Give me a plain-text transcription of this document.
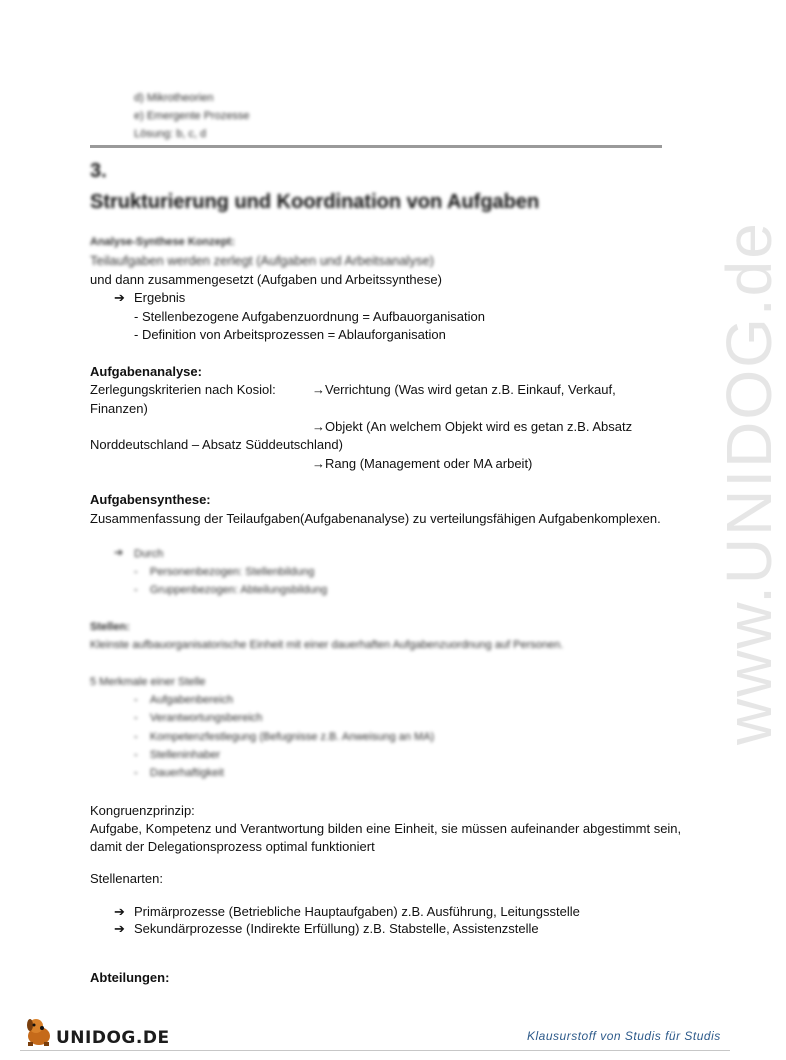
www.UNIDOG.de
d) Mikrotheorien
e) Emergente Prozesse
Lösung: b, c, d
3.
Strukturierung und Koordination von Aufgaben
Analyse-Synthese Konzept:
Teilaufgaben werden zerlegt (Aufgaben und Arbeitsanalyse)
und dann zusammengesetzt (Aufgaben und Arbeitssynthese)
➔ Ergebnis
- Stellenbezogene Aufgabenzuordnung = Aufbauorganisation
- Definition von Arbeitsprozessen = Ablauforganisation
Aufgabenanalyse:
Zerlegungskriterien nach Kosiol:	→Verrichtung (Was wird getan z.B. Einkauf, Verkauf,
Finanzen)
→Objekt (An welchem Objekt wird es getan z.B. Absatz
Norddeutschland – Absatz Süddeutschland)
→Rang (Management oder MA arbeit)
Aufgabensynthese:
Zusammenfassung der Teilaufgaben(Aufgabenanalyse) zu verteilungsfähigen Aufgabenkomplexen.
➔ Durch
-    Personenbezogen: Stellenbildung
-    Gruppenbezogen: Abteilungsbildung
Stellen:
Kleinste aufbauorganisatorische Einheit mit einer dauerhaften Aufgabenzuordnung auf Personen.
5 Merkmale einer Stelle
-    Aufgabenbereich
-    Verantwortungsbereich
-    Kompetenzfestlegung (Befugnisse z.B. Anweisung an MA)
-    Stelleninhaber
-    Dauerhaftigkeit
Kongruenzprinzip:
Aufgabe, Kompetenz und Verantwortung bilden eine Einheit, sie müssen aufeinander abgestimmt sein,
damit der Delegationsprozess optimal funktioniert
Stellenarten:
➔ Primärprozesse (Betriebliche Hauptaufgaben) z.B. Ausführung, Leitungsstelle
➔ Sekundärprozesse (Indirekte Erfüllung) z.B. Stabstelle, Assistenzstelle
Abteilungen:
UNIDOG.DE	Klausurstoff von Studis für Studis
